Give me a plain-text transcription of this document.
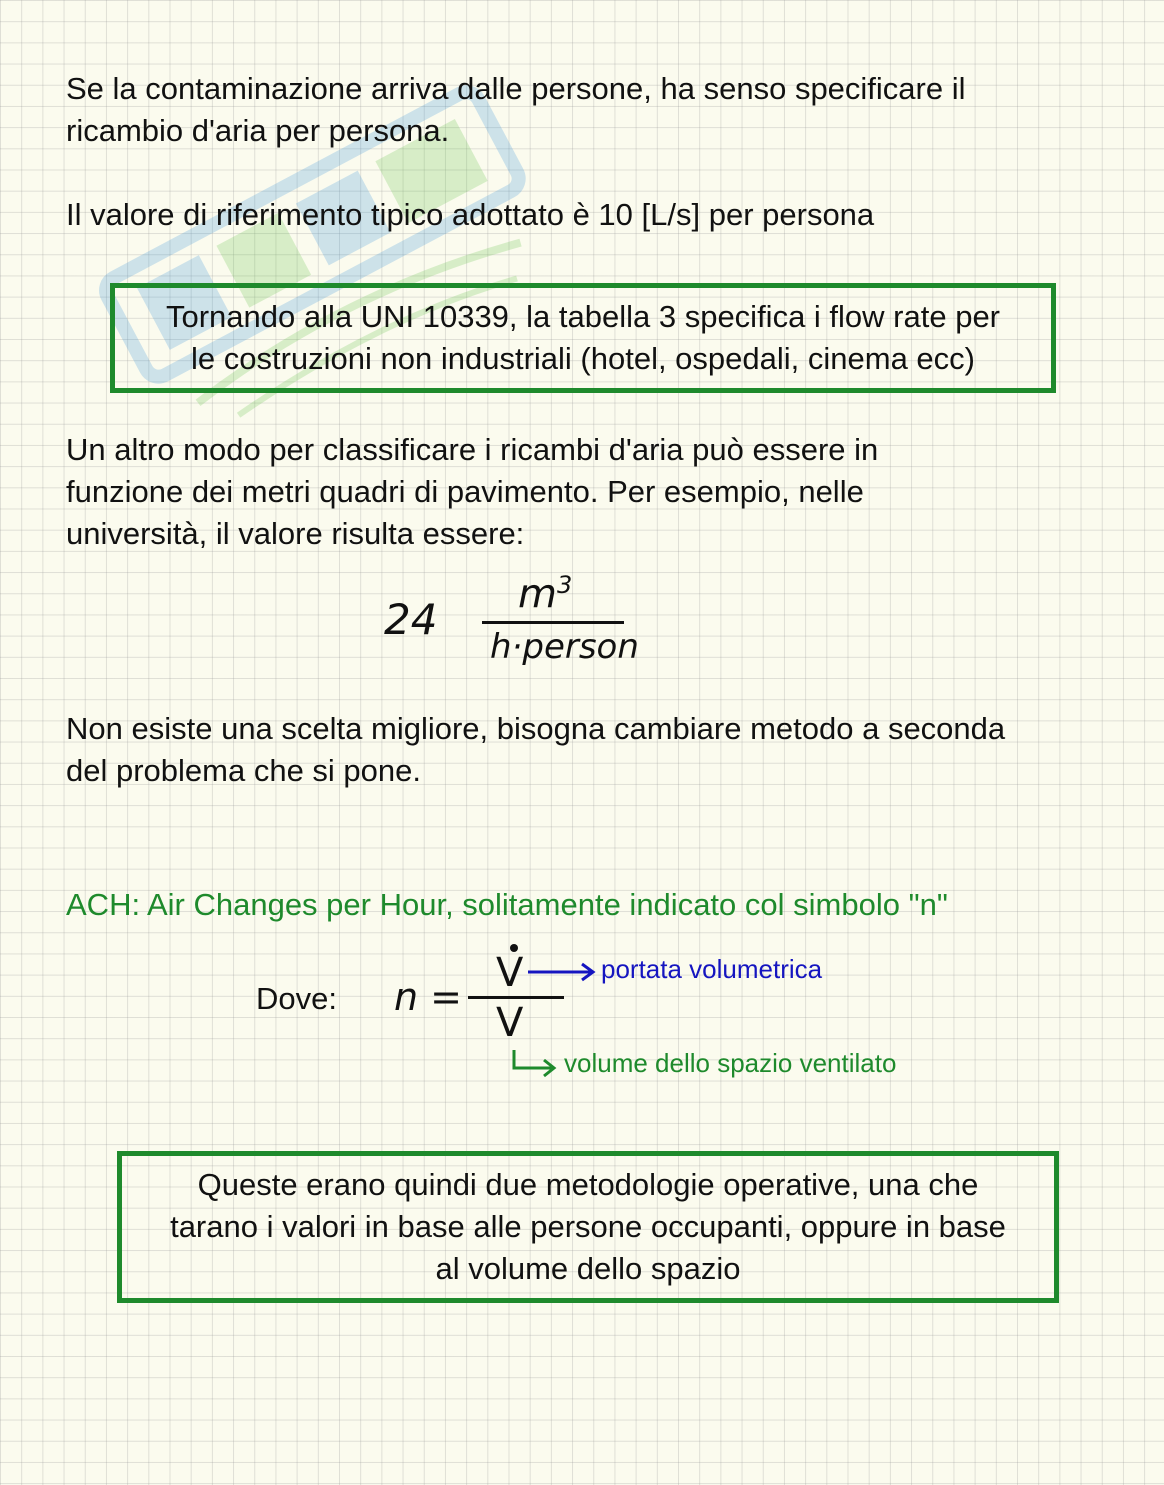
Se la contaminazione arriva dalle persone, ha senso specificare il ricambio d'aria per persona.

Il valore di riferimento tipico adottato è 10 [L/s] per persona

Tornando alla UNI 10339, la tabella 3 specifica i flow rate per

le costruzioni non industriali (hotel, ospedali, cinema ecc)

Un altro modo per classificare i ricambi d'aria può essere in funzione dei metri quadri di pavimento. Per esempio, nelle università, il valore risulta essere:

24
$m^3$
h·person

Non esiste una scelta migliore, bisogna cambiare metodo a seconda del problema che si pone.

ACH: Air Changes per Hour, solitamente indicato col simbolo "n"

Dove: n =
V
V
portata volumetrica
volume dello spazio ventilato

Queste erano quindi due metodologie operative, una che

tarano i valori in base alle persone occupanti, oppure in base

al volume dello spazio
